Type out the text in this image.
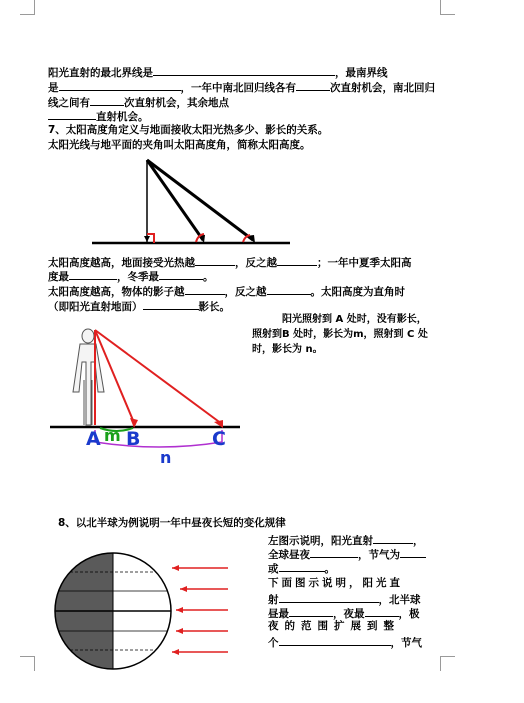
阳光直射的最北界线是	，最南界线
是	，一年中南北回归线各有	次直射机会，南北回归
线之间有	次直射机会，其余地点
直射机会。
7、太阳高度角定义与地面接收太阳光热多少、影长的关系。
太阳光线与地平面的夹角叫太阳高度角，简称太阳高度。
太阳高度越高，地面接受光热越	，反之越	；一年中夏季太阳高
度最	，冬季最	。
太阳高度越高，物体的影子越	，反之越	。太阳高度为直角时
（即阳光直射地面）	影长。
阳光照射到 A 处时，没有影长，
照射到B 处时，影长为m，照射到 C 处
时，影长为 n。
8、以北半球为例说明一年中昼夜长短的变化规律
左图示说明，阳光直射	，
全球昼夜	，节气为
或	。
下面图示说明，阳光直
射	，北半球
昼最	，夜最	，极
夜的范围扩展到整
个	，节气
A m B	C
n
